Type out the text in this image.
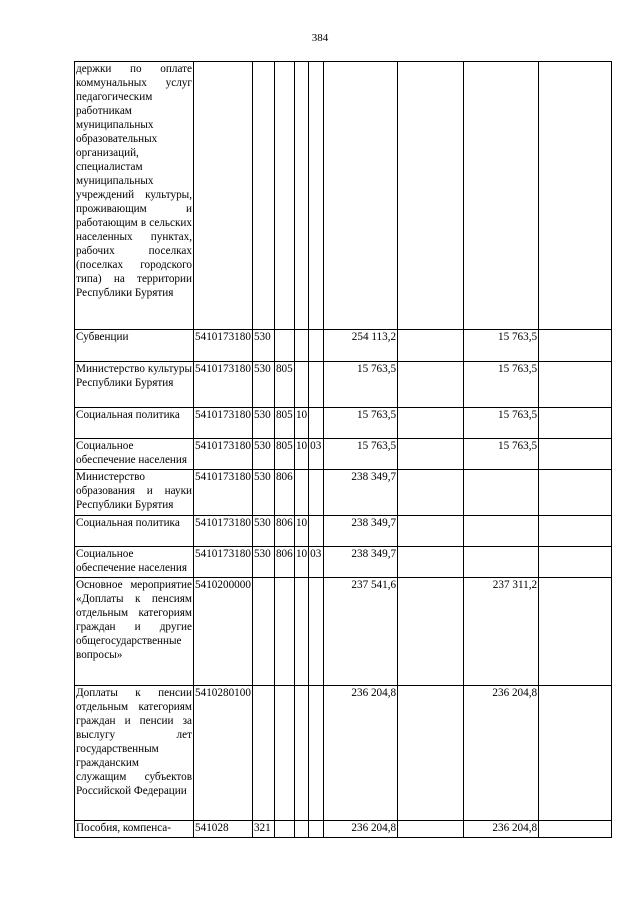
384
держки по оплате коммунальных услуг педагогическим работникам муниципальных образовательных организаций, специалистам муниципальных учреждений культуры, проживающим и работающим в сельских населенных пунктах, рабочих поселках (поселках городского типа) на территории Республики Бурятия									
Субвенции	5410173180	530				254 113,2		15 763,5	
Министерство культуры Республики Бурятия	5410173180	530	805			15 763,5		15 763,5	
Социальная политика	5410173180	530	805	10		15 763,5		15 763,5	
Социальное обеспечение населения	5410173180	530	805	10	03	15 763,5		15 763,5	
Министерство образования и науки Республики Бурятия	5410173180	530	806			238 349,7			
Социальная политика	5410173180	530	806	10		238 349,7			
Социальное обеспечение населения	5410173180	530	806	10	03	238 349,7			
Основное мероприятие «Доплаты к пенсиям отдельным категориям граждан и другие общегосударственные вопросы»	5410200000					237 541,6		237 311,2	
Доплаты к пенсии отдельным категориям граждан и пенсии за выслугу лет государственным гражданским служащим субъектов Российской Федерации	5410280100					236 204,8		236 204,8	
Пособия, компенса-	541028	321				236 204,8		236 204,8	
